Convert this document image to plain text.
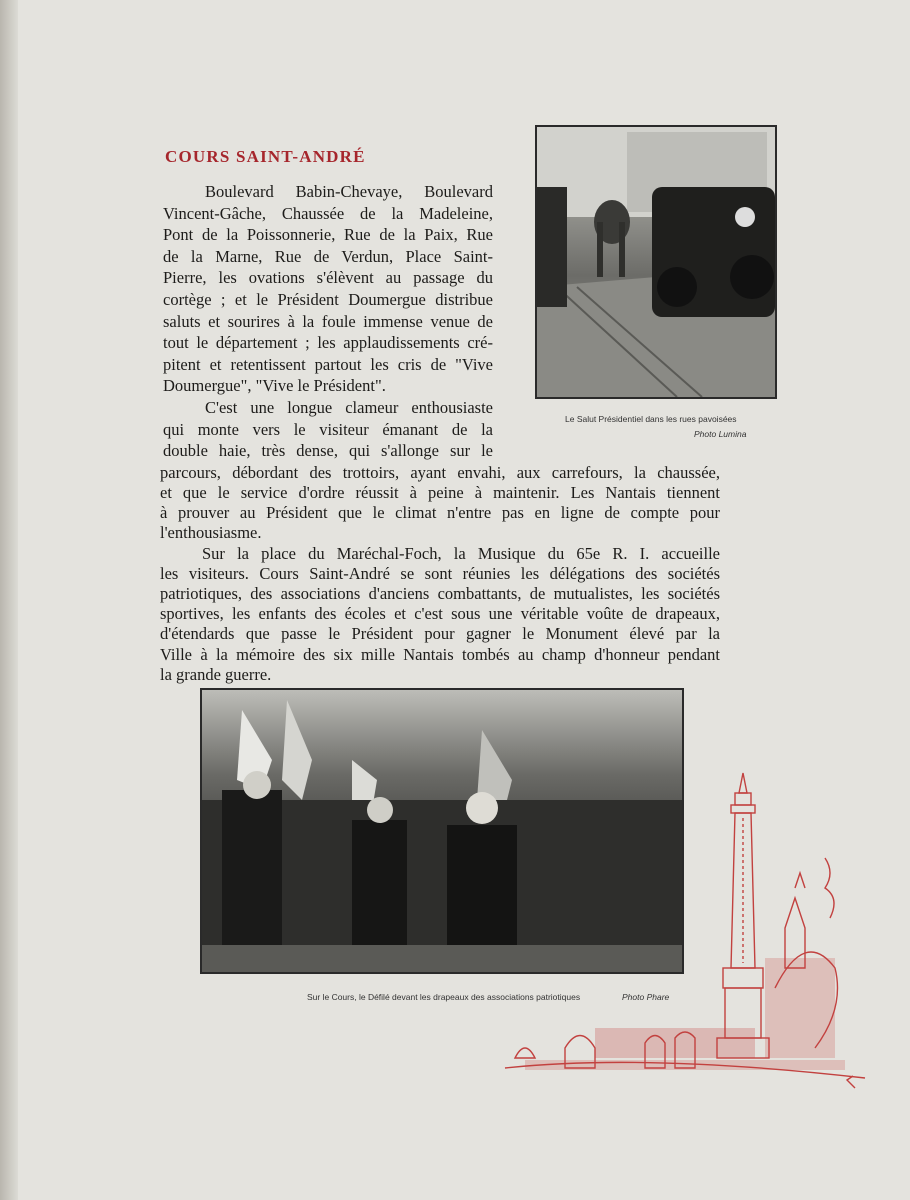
COURS SAINT-ANDRÉ
Boulevard Babin-Chevaye, Boulevard
Vincent-Gâche, Chaussée de la Madeleine,
Pont de la Poissonnerie, Rue de la Paix, Rue
de la Marne, Rue de Verdun, Place Saint-
Pierre, les ovations s'élèvent au passage du
cortège ; et le Président Doumergue distribue
saluts et sourires à la foule immense venue de
tout le département ; les applaudissements cré-
pitent et retentissent partout les cris de "Vive
Doumergue", "Vive le Président".
C'est une longue clameur enthousiaste
qui monte vers le visiteur émanant de la
double haie, très dense, qui s'allonge sur le
parcours, débordant des trottoirs, ayant envahi, aux carrefours, la chaussée,
et que le service d'ordre réussit à peine à maintenir. Les Nantais tiennent
à prouver au Président que le climat n'entre pas en ligne de compte pour
l'enthousiasme.
Sur la place du Maréchal-Foch, la Musique du 65e R. I. accueille
les visiteurs. Cours Saint-André se sont réunies les délégations des sociétés
patriotiques, des associations d'anciens combattants, de mutualistes, les sociétés
sportives, les enfants des écoles et c'est sous une véritable voûte de drapeaux,
d'étendards que passe le Président pour gagner le Monument élevé par la
Ville à la mémoire des six mille Nantais tombés au champ d'honneur pendant
la grande guerre.
Le Salut Présidentiel dans les rues pavoisées
Photo Lumina
Sur le Cours, le Défilé devant les drapeaux des associations patriotiques	Photo Phare
